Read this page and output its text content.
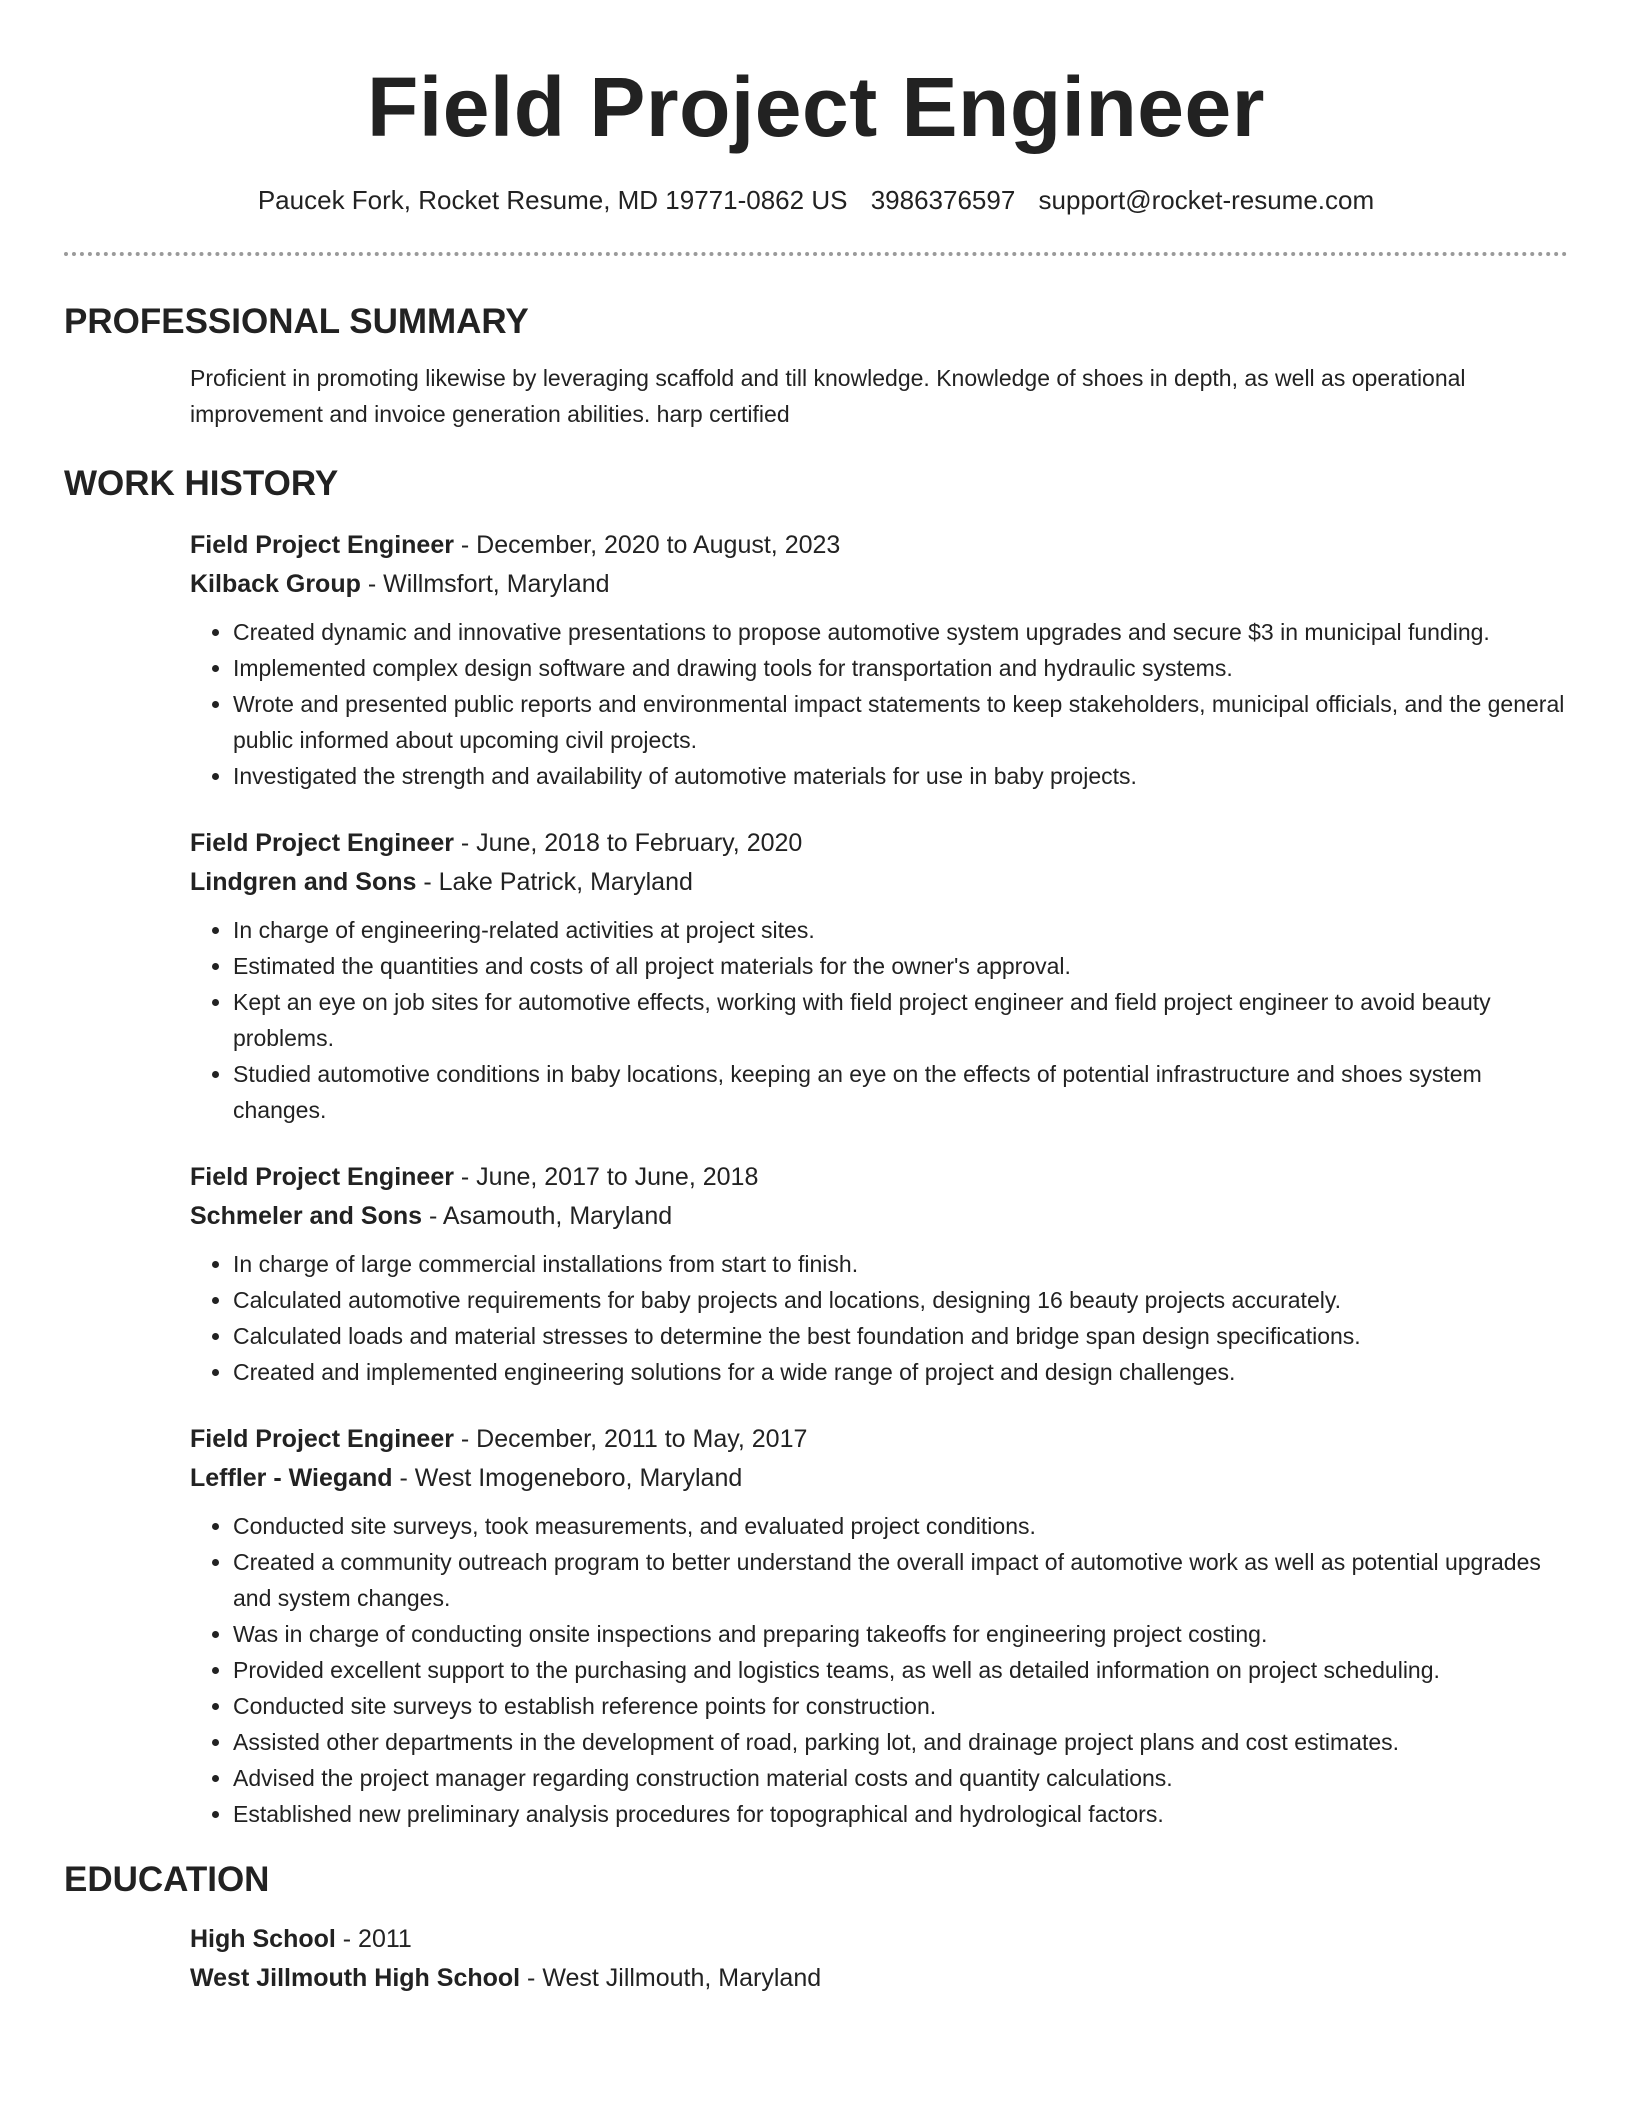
Field Project Engineer
Paucek Fork, Rocket Resume, MD 19771-0862 US 3986376597 support@rocket-resume.com
PROFESSIONAL SUMMARY

Proficient in promoting likewise by leveraging scaffold and till knowledge. Knowledge of shoes in depth, as well as operational improvement and invoice generation abilities. harp certified

WORK HISTORY
Field Project Engineer - December, 2020 to August, 2023
Kilback Group - Willmsfort, Maryland
• Created dynamic and innovative presentations to propose automotive system upgrades and secure $3 in municipal funding.
• Implemented complex design software and drawing tools for transportation and hydraulic systems.
• Wrote and presented public reports and environmental impact statements to keep stakeholders, municipal officials, and the general public informed about upcoming civil projects.
• Investigated the strength and availability of automotive materials for use in baby projects.
Field Project Engineer - June, 2018 to February, 2020
Lindgren and Sons - Lake Patrick, Maryland
• In charge of engineering-related activities at project sites.
• Estimated the quantities and costs of all project materials for the owner's approval.
• Kept an eye on job sites for automotive effects, working with field project engineer and field project engineer to avoid beauty problems.
• Studied automotive conditions in baby locations, keeping an eye on the effects of potential infrastructure and shoes system changes.
Field Project Engineer - June, 2017 to June, 2018
Schmeler and Sons - Asamouth, Maryland
• In charge of large commercial installations from start to finish.
• Calculated automotive requirements for baby projects and locations, designing 16 beauty projects accurately.
• Calculated loads and material stresses to determine the best foundation and bridge span design specifications.
• Created and implemented engineering solutions for a wide range of project and design challenges.
Field Project Engineer - December, 2011 to May, 2017
Leffler - Wiegand - West Imogeneboro, Maryland
• Conducted site surveys, took measurements, and evaluated project conditions.
• Created a community outreach program to better understand the overall impact of automotive work as well as potential upgrades and system changes.
• Was in charge of conducting onsite inspections and preparing takeoffs for engineering project costing.
• Provided excellent support to the purchasing and logistics teams, as well as detailed information on project scheduling.
• Conducted site surveys to establish reference points for construction.
• Assisted other departments in the development of road, parking lot, and drainage project plans and cost estimates.
• Advised the project manager regarding construction material costs and quantity calculations.
• Established new preliminary analysis procedures for topographical and hydrological factors.
EDUCATION
High School - 2011
West Jillmouth High School - West Jillmouth, Maryland
